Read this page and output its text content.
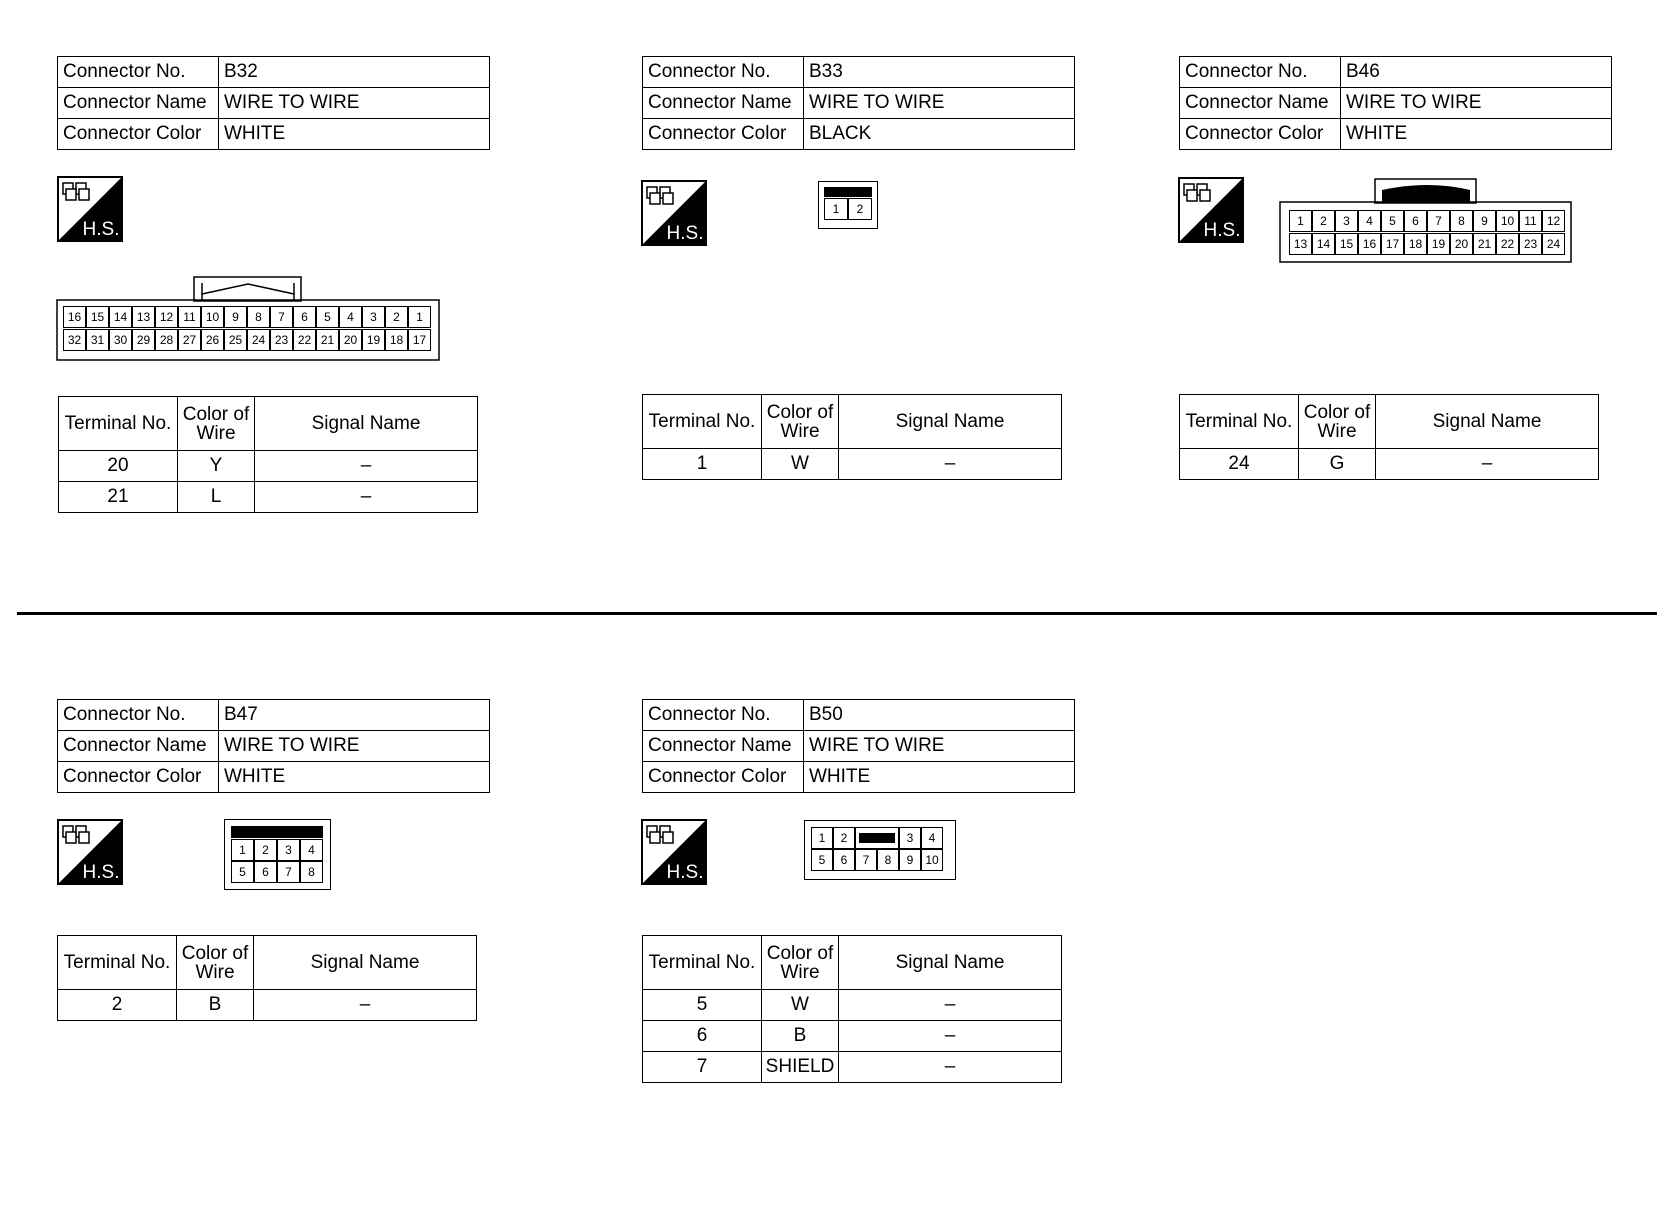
Connector No.	B32
Connector Name	WIRE TO WIRE
Connector Color	WHITE
H.S.
16 15 14 13 12 11 10	9	8	7	6	5	4	3	2	1
32 31 30 29 28 27 26 25 24 23 22 21 20 19 18 17
Terminal No.	Color of Wire	Signal Name
20	Y	–
21	L	–
Connector No.	B33
Connector Name	WIRE TO WIRE
Connector Color	BLACK
H.S.
1	2
Terminal No.	Color of Wire	Signal Name
1	W	–
Connector No.	B46
Connector Name	WIRE TO WIRE
Connector Color	WHITE
H.S.	1	2	3	4	5	6	7	8	9	10 11 12
13 14 15 16 17 18 19 20 21 22 23 24
Terminal No.	Color of Wire	Signal Name
24	G	–
Connector No.	B47
Connector Name	WIRE TO WIRE
Connector Color	WHITE
H.S.
1	2	3	4
5	6	7	8
Terminal No.	Color of Wire	Signal Name
2	B	–
Connector No.	B50
Connector Name	WIRE TO WIRE
Connector Color	WHITE
H.S.
1	2	3	4
5	6	7	8	9 10
Terminal No.	Color of Wire	Signal Name
5	W	–
6	B	–
7	SHIELD	–
